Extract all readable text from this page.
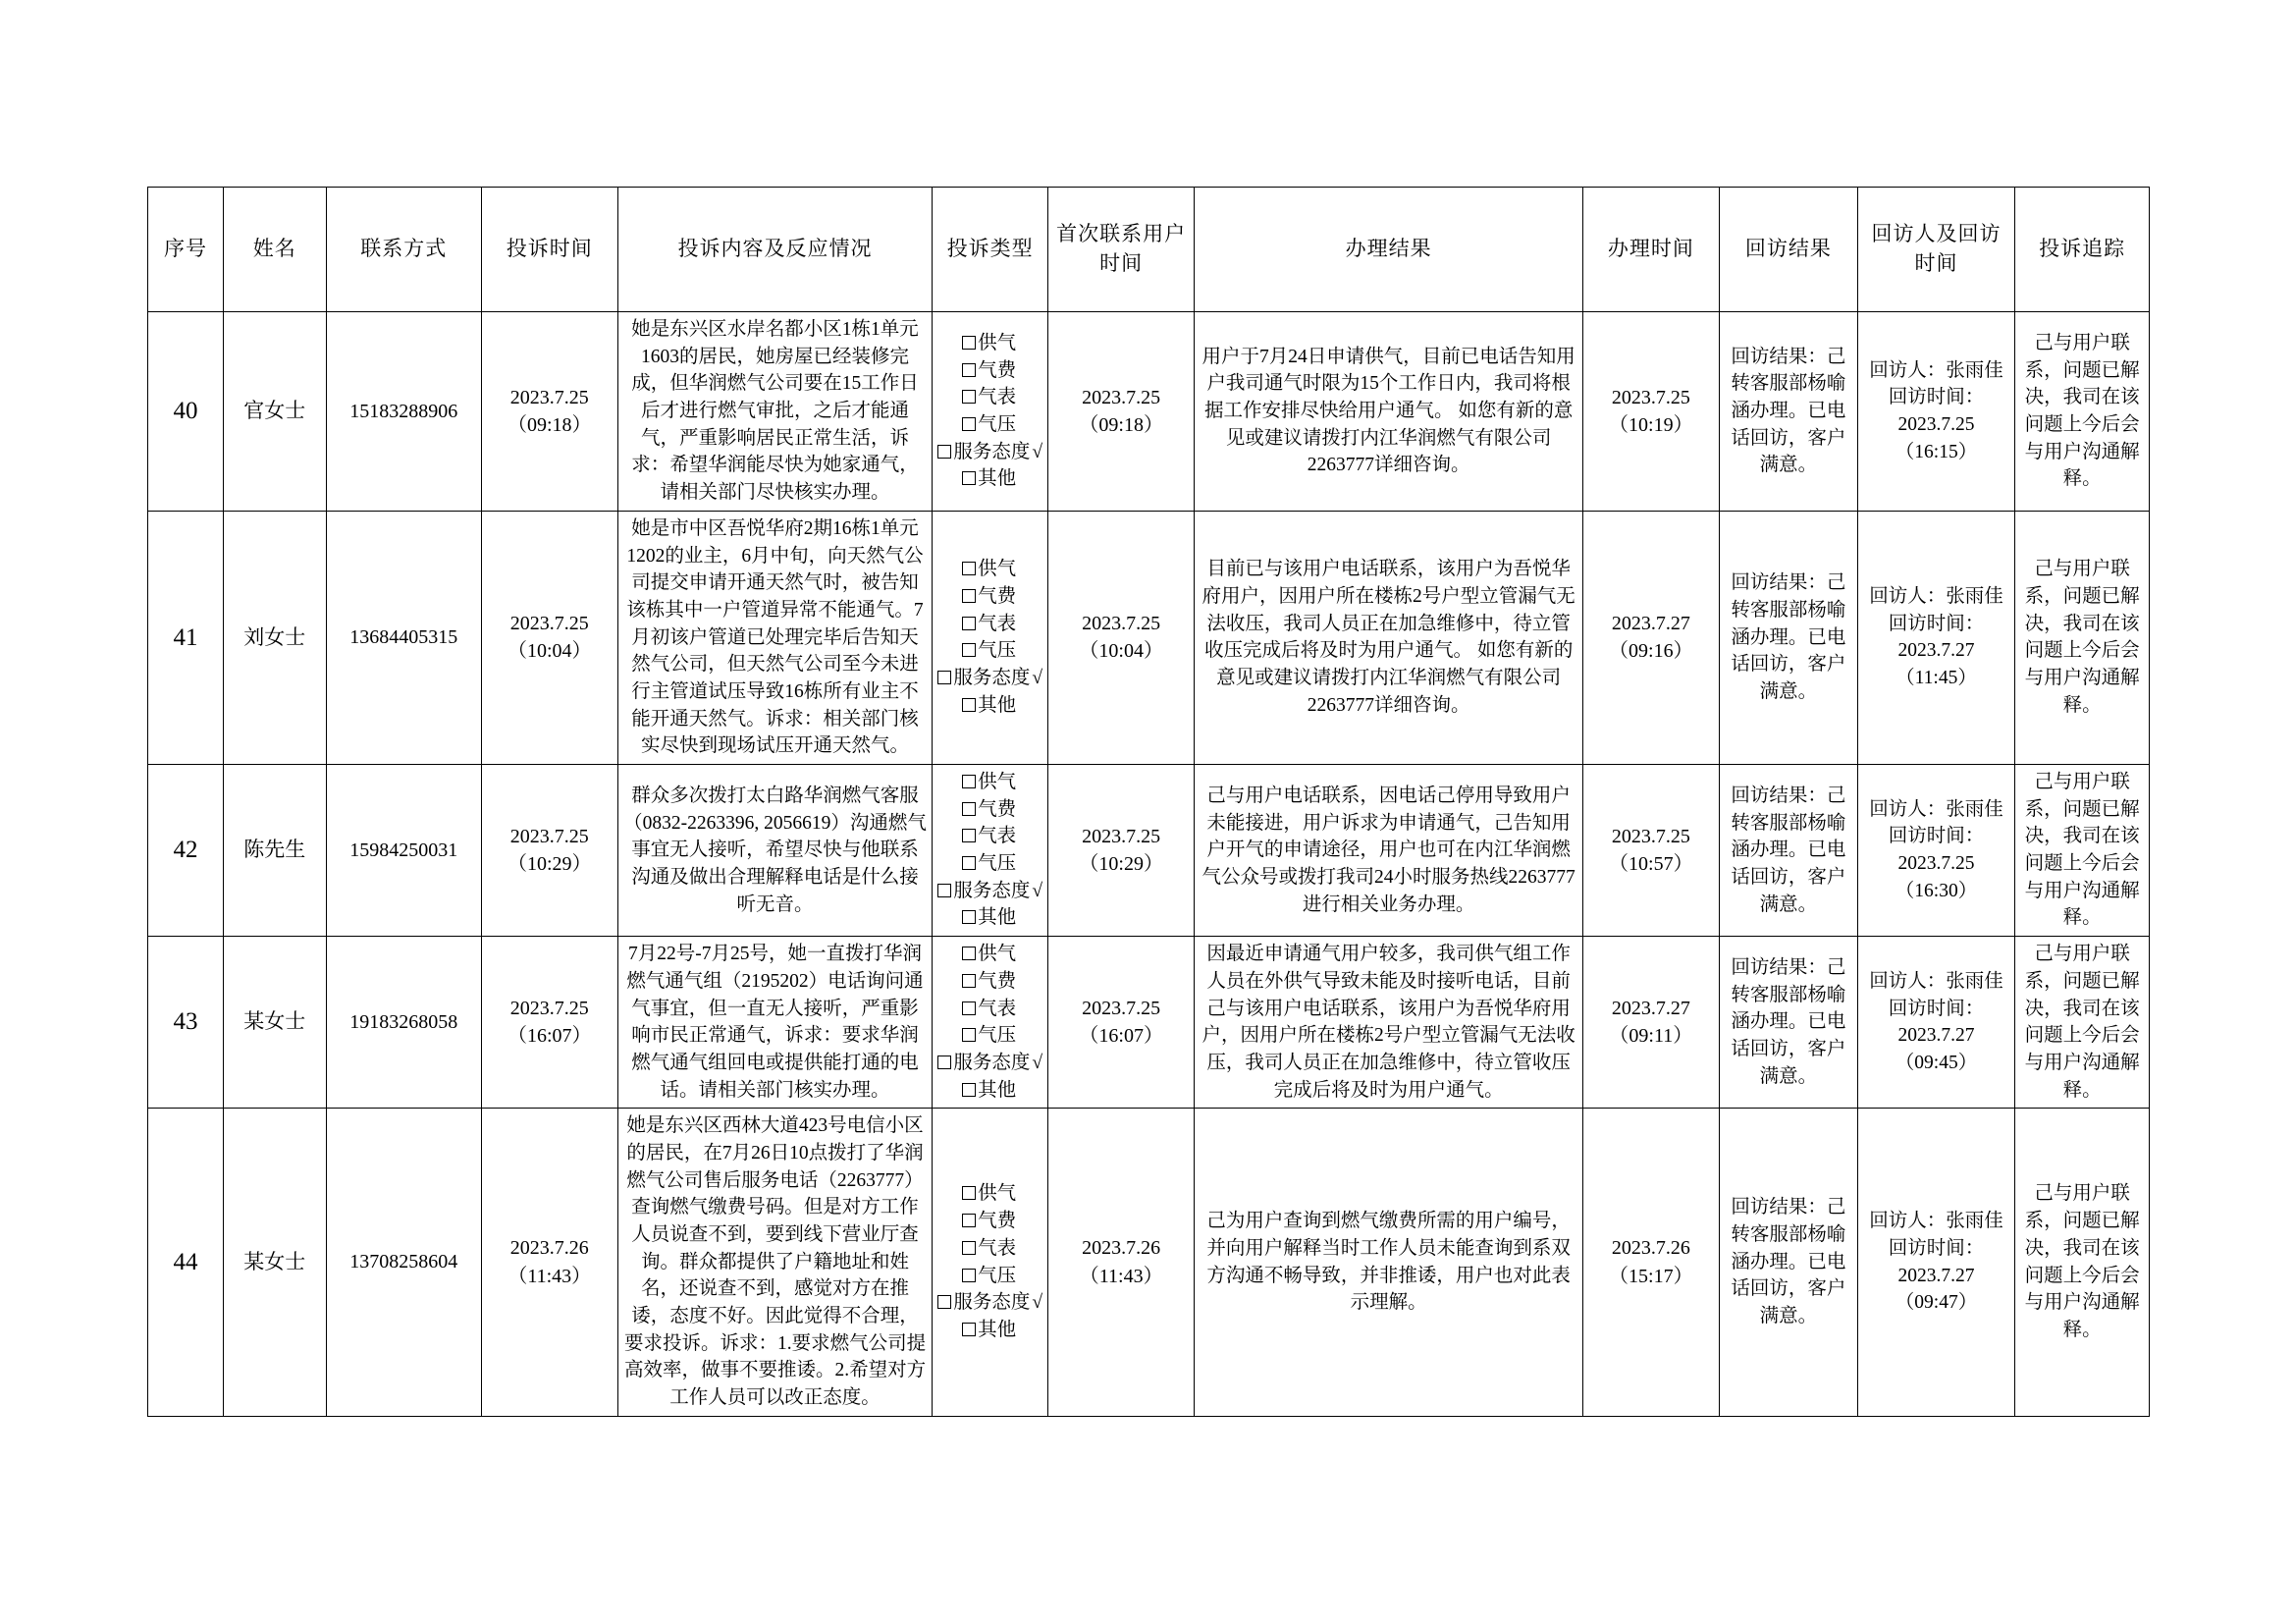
序号	姓名	联系方式	投诉时间	投诉内容及反应情况	投诉类型	首次联系用户时间	办理结果	办理时间	回访结果	回访人及回访时间	投诉追踪
40	官女士	15183288906	2023.7.25（09:18）	她是东兴区水岸名都小区1栋1单元1603的居民，她房屋已经装修完成，但华润燃气公司要在15工作日后才进行燃气审批，之后才能通气，严重影响居民正常生活，诉求：希望华润能尽快为她家通气，请相关部门尽快核实办理。	供气气费气表气压服务态度 √其他	2023.7.25（09:18）	用户于7月24日申请供气，目前已电话告知用户我司通气时限为15个工作日内，我司将根据工作安排尽快给用户通气。 如您有新的意见或建议请拨打内江华润燃气有限公司2263777详细咨询。	2023.7.25（10:19）	回访结果：己转客服部杨喻涵办理。已电话回访，客户满意。	回访人：张雨佳回访时间：2023.7.25（16:15）	己与用户联系，问题已解决，我司在该问题上今后会与用户沟通解释。
41	刘女士	13684405315	2023.7.25（10:04）	她是市中区吾悦华府2期16栋1单元1202的业主，6月中旬，向天然气公司提交申请开通天然气时，被告知该栋其中一户管道异常不能通气。7月初该户管道已处理完毕后告知天然气公司，但天然气公司至今未进行主管道试压导致16栋所有业主不能开通天然气。诉求：相关部门核实尽快到现场试压开通天然气。	供气气费气表气压服务态度 √其他	2023.7.25（10:04）	目前已与该用户电话联系，该用户为吾悦华府用户，因用户所在楼栋2号户型立管漏气无法收压，我司人员正在加急维修中，待立管收压完成后将及时为用户通气。 如您有新的意见或建议请拨打内江华润燃气有限公司2263777详细咨询。	2023.7.27（09:16）	回访结果：己转客服部杨喻涵办理。已电话回访，客户满意。	回访人：张雨佳回访时间：2023.7.27（11:45）	己与用户联系，问题已解决，我司在该问题上今后会与用户沟通解释。
42	陈先生	15984250031	2023.7.25（10:29）	群众多次拨打太白路华润燃气客服（0832-2263396, 2056619）沟通燃气事宜无人接听，希望尽快与他联系沟通及做出合理解释电话是什么接听无音。	供气气费气表气压服务态度 √其他	2023.7.25（10:29）	己与用户电话联系，因电话己停用导致用户未能接进，用户诉求为申请通气，己告知用户开气的申请途径，用户也可在内江华润燃气公众号或拨打我司24小时服务热线2263777进行相关业务办理。	2023.7.25（10:57）	回访结果：己转客服部杨喻涵办理。已电话回访，客户满意。	回访人：张雨佳回访时间：2023.7.25（16:30）	己与用户联系，问题已解决，我司在该问题上今后会与用户沟通解释。
43	某女士	19183268058	2023.7.25（16:07）	7月22号-7月25号，她一直拨打华润燃气通气组（2195202）电话询问通气事宜，但一直无人接听，严重影响市民正常通气，诉求：要求华润燃气通气组回电或提供能打通的电话。请相关部门核实办理。	供气气费气表气压服务态度 √其他	2023.7.25（16:07）	因最近申请通气用户较多，我司供气组工作人员在外供气导致未能及时接听电话，目前己与该用户电话联系，该用户为吾悦华府用户，因用户所在楼栋2号户型立管漏气无法收压，我司人员正在加急维修中，待立管收压完成后将及时为用户通气。	2023.7.27（09:11）	回访结果：己转客服部杨喻涵办理。已电话回访，客户满意。	回访人：张雨佳回访时间：2023.7.27（09:45）	己与用户联系，问题已解决，我司在该问题上今后会与用户沟通解释。
44	某女士	13708258604	2023.7.26（11:43）	她是东兴区西林大道423号电信小区的居民，在7月26日10点拨打了华润燃气公司售后服务电话（2263777）查询燃气缴费号码。但是对方工作人员说查不到，要到线下营业厅查询。群众都提供了户籍地址和姓名，还说查不到，感觉对方在推诿，态度不好。因此觉得不合理，要求投诉。诉求：1.要求燃气公司提高效率，做事不要推诿。2.希望对方工作人员可以改正态度。	供气气费气表气压服务态度 √其他	2023.7.26（11:43）	己为用户查询到燃气缴费所需的用户编号，并向用户解释当时工作人员未能查询到系双方沟通不畅导致，并非推诿，用户也对此表示理解。	2023.7.26（15:17）	回访结果：己转客服部杨喻涵办理。已电话回访，客户满意。	回访人：张雨佳回访时间：2023.7.27（09:47）	己与用户联系，问题已解决，我司在该问题上今后会与用户沟通解释。
